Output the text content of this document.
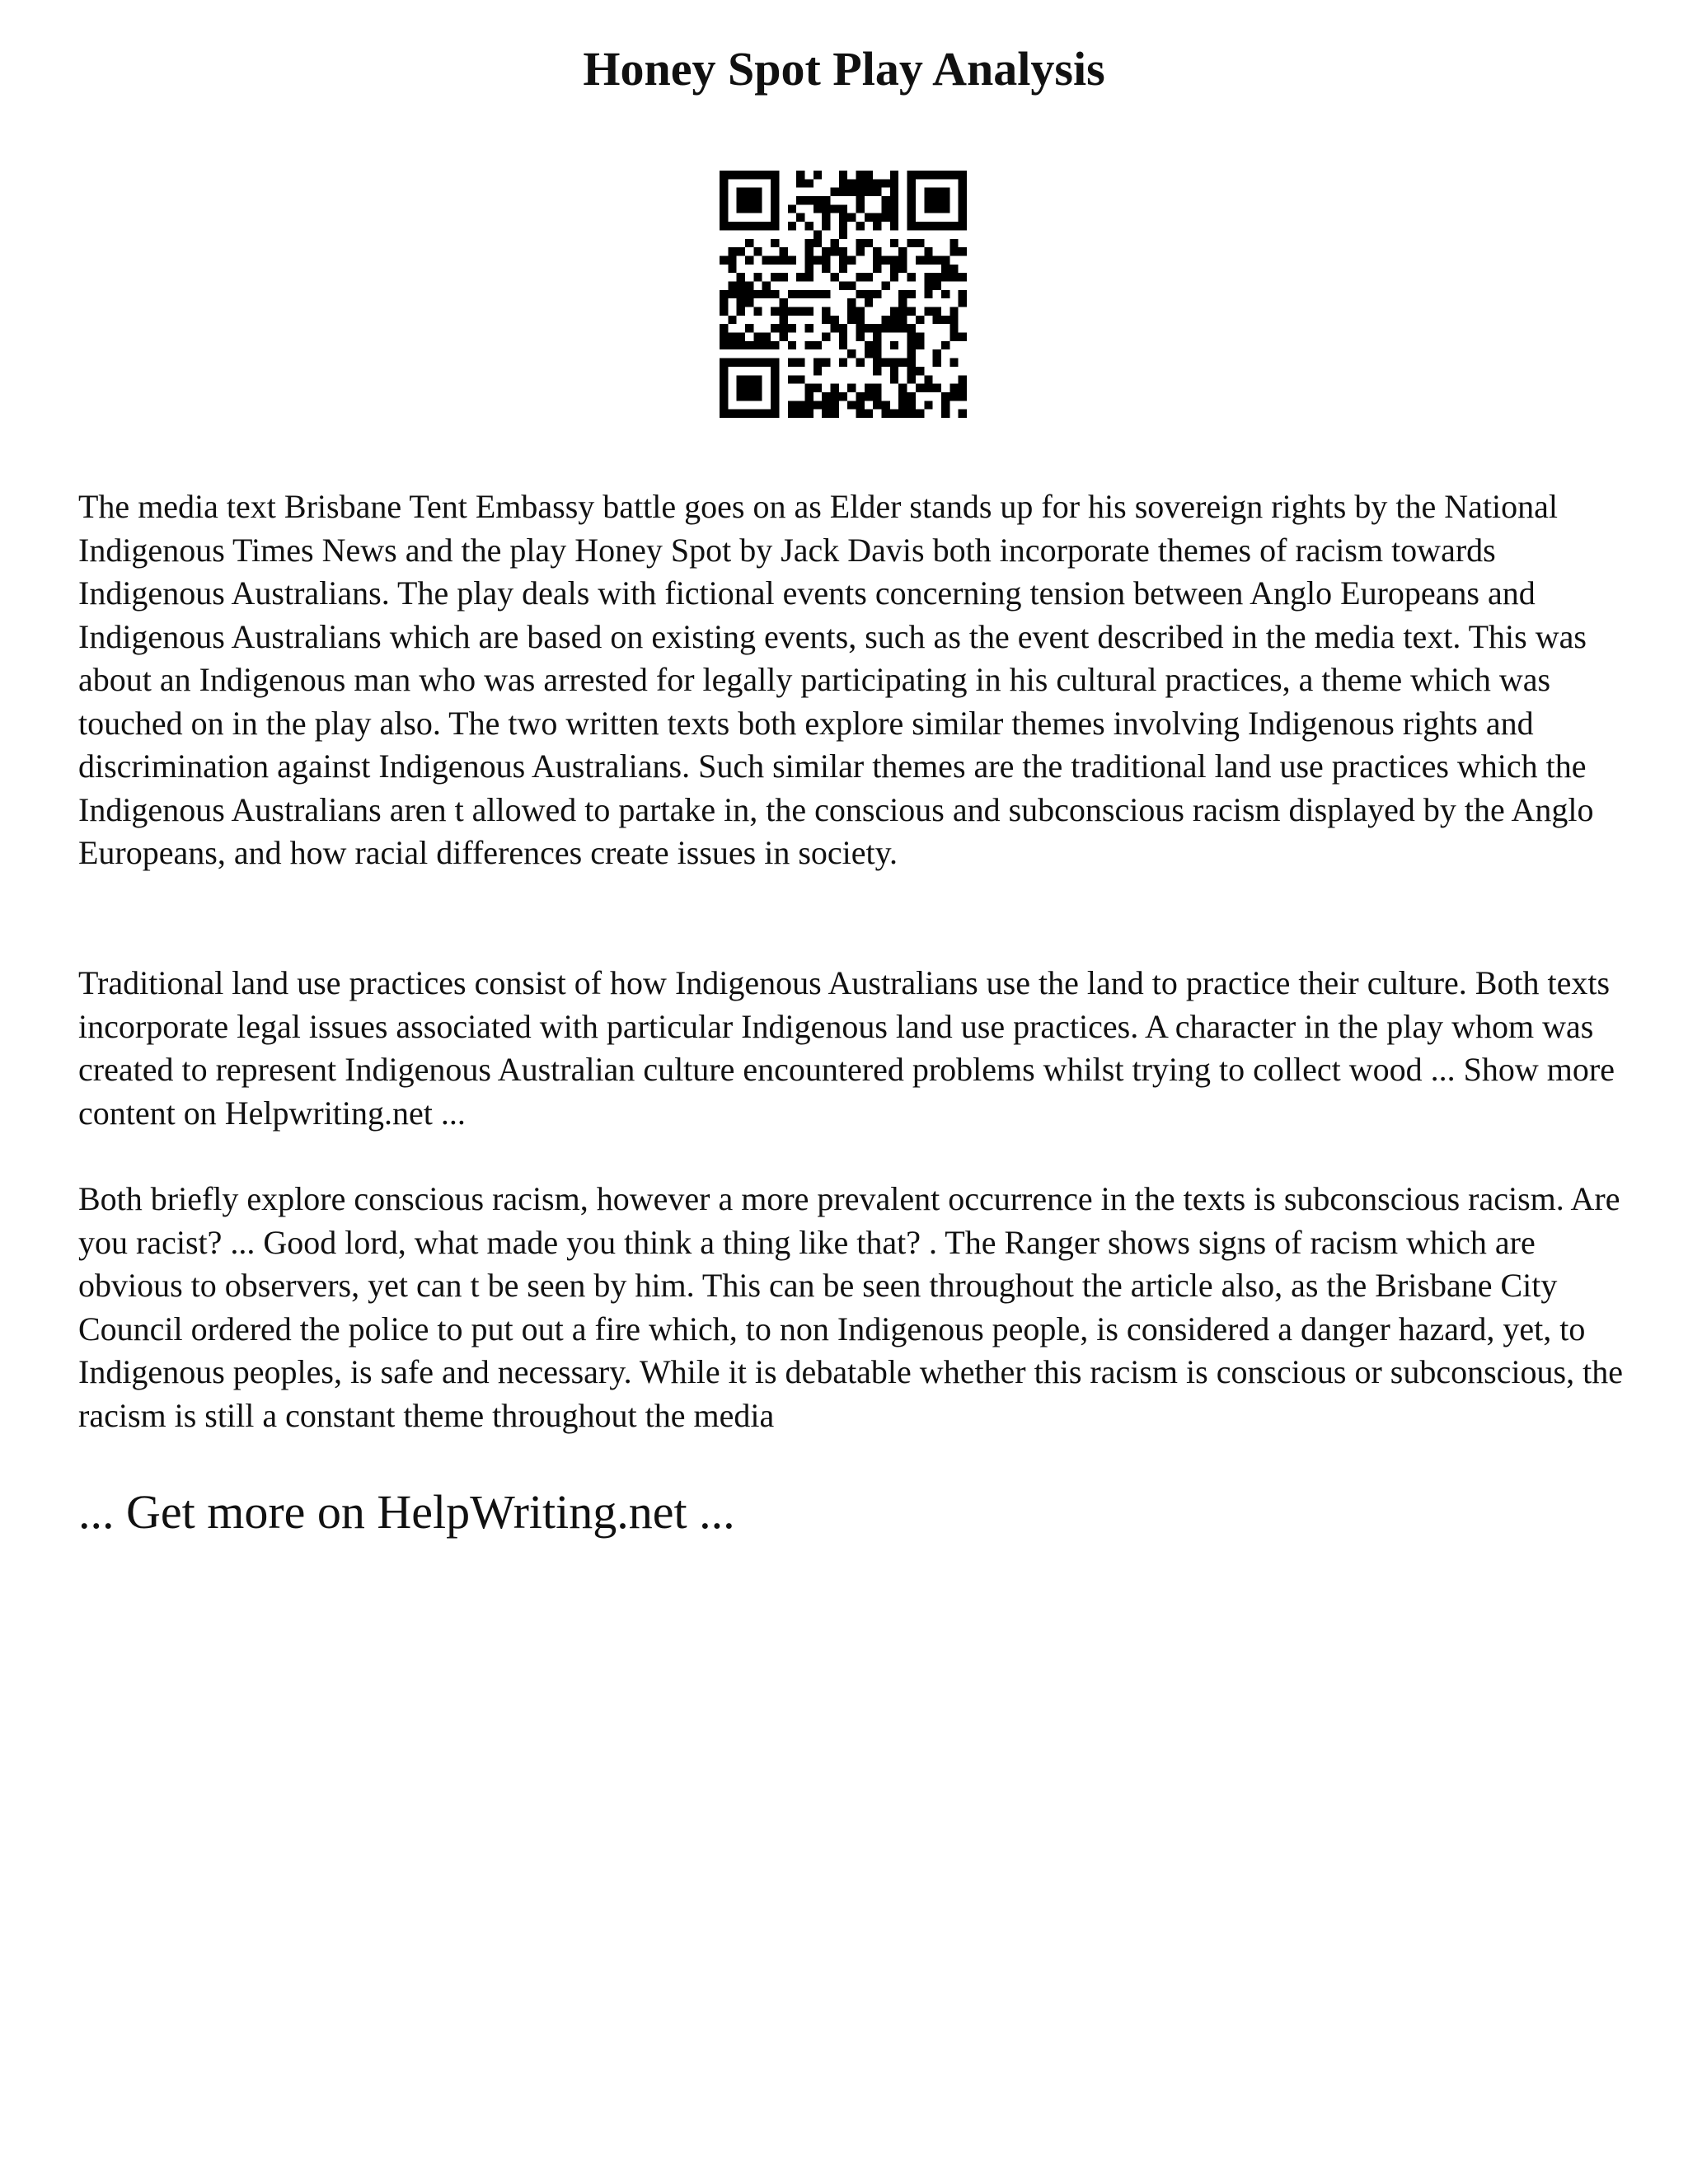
Honey Spot Play Analysis

The media text Brisbane Tent Embassy battle goes on as Elder stands up for his sovereign rights by the National Indigenous Times News and the play Honey Spot by Jack Davis both incorporate themes of racism towards Indigenous Australians. The play deals with fictional events concerning tension between Anglo Europeans and Indigenous Australians which are based on existing events, such as the event described in the media text. This was about an Indigenous man who was arrested for legally participating in his cultural practices, a theme which was touched on in the play also. The two written texts both explore similar themes involving Indigenous rights and discrimination against Indigenous Australians. Such similar themes are the traditional land use practices which the Indigenous Australians aren t allowed to partake in, the conscious and subconscious racism displayed by the Anglo Europeans, and how racial differences create issues in society.

Traditional land use practices consist of how Indigenous Australians use the land to practice their culture. Both texts incorporate legal issues associated with particular Indigenous land use practices. A character in the play whom was created to represent Indigenous Australian culture encountered problems whilst trying to collect wood ... Show more content on Helpwriting.net ...

Both briefly explore conscious racism, however a more prevalent occurrence in the texts is subconscious racism. Are you racist? ... Good lord, what made you think a thing like that? . The Ranger shows signs of racism which are obvious to observers, yet can t be seen by him. This can be seen throughout the article also, as the Brisbane City Council ordered the police to put out a fire which, to non Indigenous people, is considered a danger hazard, yet, to Indigenous peoples, is safe and necessary. While it is debatable whether this racism is conscious or subconscious, the racism is still a constant theme throughout the media

... Get more on HelpWriting.net ...
